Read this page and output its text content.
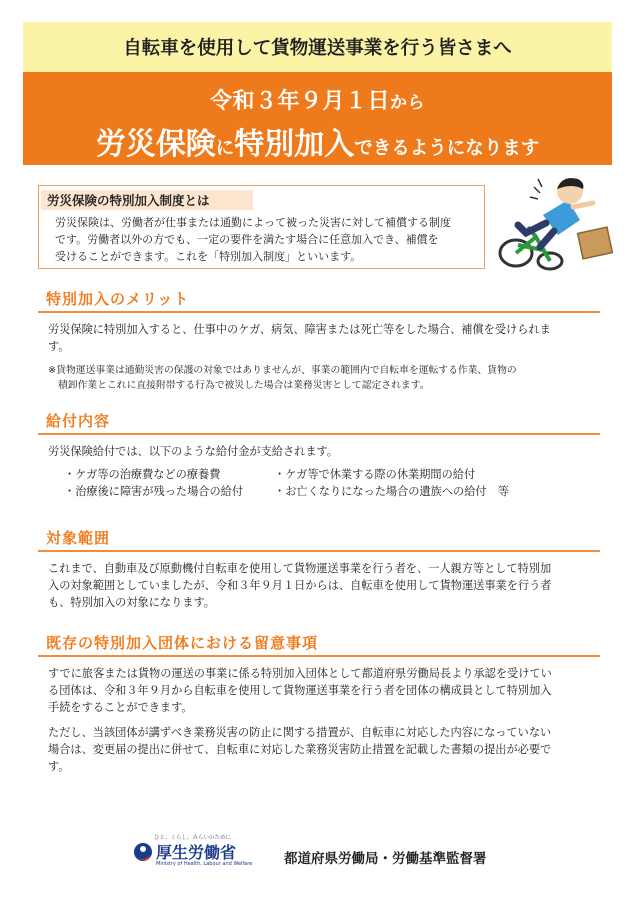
自転車を使用して貨物運送事業を行う皆さまへ
令和３年９月１日から
労災保険に特別加入できるようになります
労災保険の特別加入制度とは
労災保険は、労働者が仕事または通勤によって被った災害に対して補償する制度
です。労働者以外の方でも、一定の要件を満たす場合に任意加入でき、補償を
受けることができます。これを「特別加入制度」といいます。
特別加入のメリット
労災保険に特別加入すると、仕事中のケガ、病気、障害または死亡等をした場合、補償を受けられま
す。
※貨物運送事業は通勤災害の保護の対象ではありませんが、事業の範囲内で自転車を運転する作業、貨物の
積卸作業とこれに直接附帯する行為で被災した場合は業務災害として認定されます。
給付内容
労災保険給付では、以下のような給付金が支給されます。
・ケガ等の治療費などの療養費	・ケガ等で休業する際の休業期間の給付
・治療後に障害が残った場合の給付	・お亡くなりになった場合の遺族への給付　等
対象範囲
これまで、自動車及び原動機付自転車を使用して貨物運送事業を行う者を、一人親方等として特別加
入の対象範囲としていましたが、令和３年９月１日からは、自転車を使用して貨物運送事業を行う者
も、特別加入の対象になります。
既存の特別加入団体における留意事項
すでに旅客または貨物の運送の事業に係る特別加入団体として都道府県労働局長より承認を受けてい
る団体は、令和３年９月から自転車を使用して貨物運送事業を行う者を団体の構成員として特別加入
手続をすることができます。
ただし、当該団体が講ずべき業務災害の防止に関する措置が、自転車に対応した内容になっていない
場合は、変更届の提出に併せて、自転車に対応した業務災害防止措置を記載した書類の提出が必要で
す。
ひと、くらし、みらいのために
厚生労働省
Ministry of Health, Labour and Welfare 都道府県労働局・労働基準監督署
